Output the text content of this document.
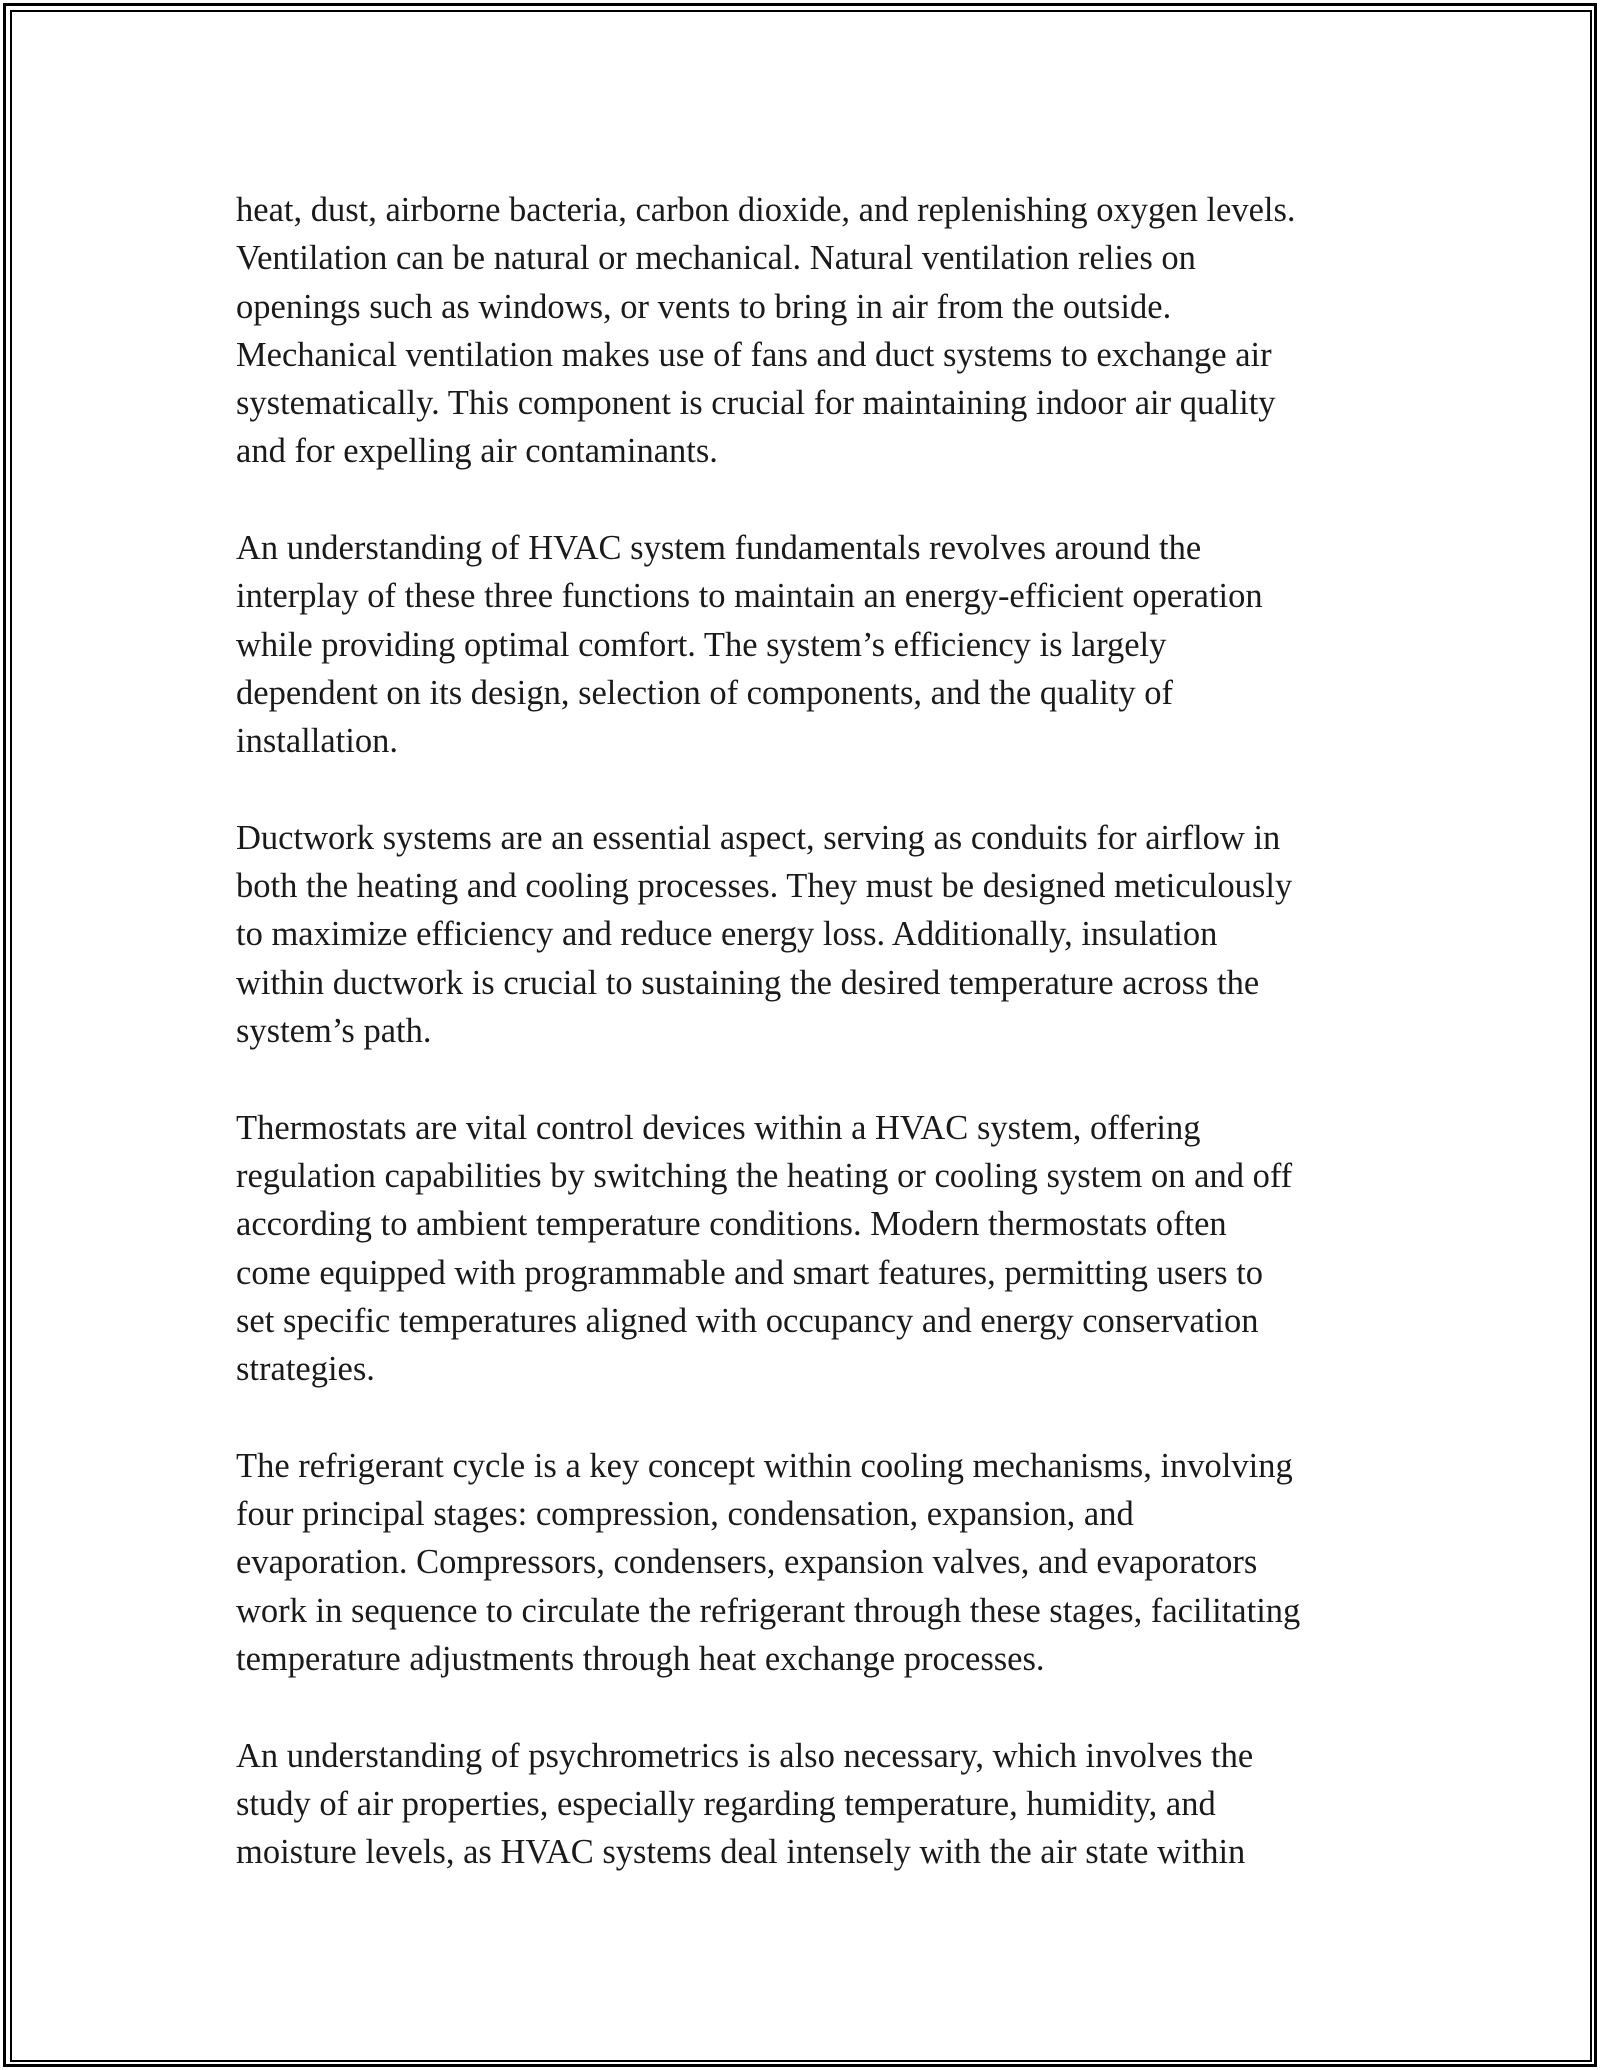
heat, dust, airborne bacteria, carbon dioxide, and replenishing oxygen levels.
Ventilation can be natural or mechanical. Natural ventilation relies on
openings such as windows, or vents to bring in air from the outside.
Mechanical ventilation makes use of fans and duct systems to exchange air
systematically. This component is crucial for maintaining indoor air quality
and for expelling air contaminants.

An understanding of HVAC system fundamentals revolves around the
interplay of these three functions to maintain an energy-efficient operation
while providing optimal comfort. The system’s efficiency is largely
dependent on its design, selection of components, and the quality of
installation.

Ductwork systems are an essential aspect, serving as conduits for airflow in
both the heating and cooling processes. They must be designed meticulously
to maximize efficiency and reduce energy loss. Additionally, insulation
within ductwork is crucial to sustaining the desired temperature across the
system’s path.

Thermostats are vital control devices within a HVAC system, offering
regulation capabilities by switching the heating or cooling system on and off
according to ambient temperature conditions. Modern thermostats often
come equipped with programmable and smart features, permitting users to
set specific temperatures aligned with occupancy and energy conservation
strategies.

The refrigerant cycle is a key concept within cooling mechanisms, involving
four principal stages: compression, condensation, expansion, and
evaporation. Compressors, condensers, expansion valves, and evaporators
work in sequence to circulate the refrigerant through these stages, facilitating
temperature adjustments through heat exchange processes.

An understanding of psychrometrics is also necessary, which involves the
study of air properties, especially regarding temperature, humidity, and
moisture levels, as HVAC systems deal intensely with the air state within
